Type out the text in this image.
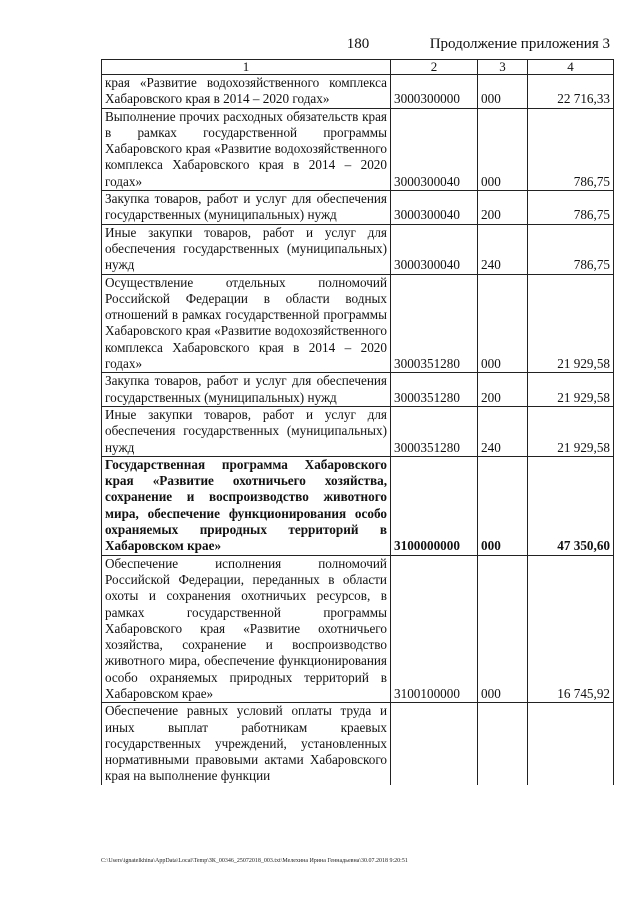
180	Продолжение приложения 3
1	2	3	4
края «Развитие водохозяйственного комплекса Хабаровского края в 2014 – 2020 годах»	3000300000	000	22 716,33
Выполнение прочих расходных обязательств края в рамках государственной программы Хабаровского края «Развитие водохозяйственного комплекса Хабаровского края в 2014 – 2020 годах»	3000300040	000	786,75
Закупка товаров, работ и услуг для обеспечения государственных (муниципальных) нужд	3000300040	200	786,75
Иные закупки товаров, работ и услуг для обеспечения государственных (муниципальных) нужд	3000300040	240	786,75
Осуществление отдельных полномочий Российской Федерации в области водных отношений в рамках государственной программы Хабаровского края «Развитие водохозяйственного комплекса Хабаровского края в 2014 – 2020 годах»	3000351280	000	21 929,58
Закупка товаров, работ и услуг для обеспечения государственных (муниципальных) нужд	3000351280	200	21 929,58
Иные закупки товаров, работ и услуг для обеспечения государственных (муниципальных) нужд	3000351280	240	21 929,58
Государственная программа Хабаровского края «Развитие охотничьего хозяйства, сохранение и воспроизводство животного мира, обеспечение функционирования особо охраняемых природных территорий в Хабаровском крае»	3100000000	000	47 350,60
Обеспечение исполнения полномочий Российской Федерации, переданных в области охоты и сохранения охотничьих ресурсов, в рамках государственной программы Хабаровского края «Развитие охотничьего хозяйства, сохранение и воспроизводство животного мира, обеспечение функционирования особо охраняемых природных территорий в Хабаровском крае»	3100100000	000	16 745,92
Обеспечение равных условий оплаты труда и иных выплат работникам краевых государственных учреждений, установленных нормативными правовыми актами Хабаровского края на выполнение функции			
C:\Users\ignatelkhina\AppData\Local\Temp\ЗК_00346_25072018_003.txt\Мелехина Ирина Геннадьевна\30.07.2018 9:20:51
